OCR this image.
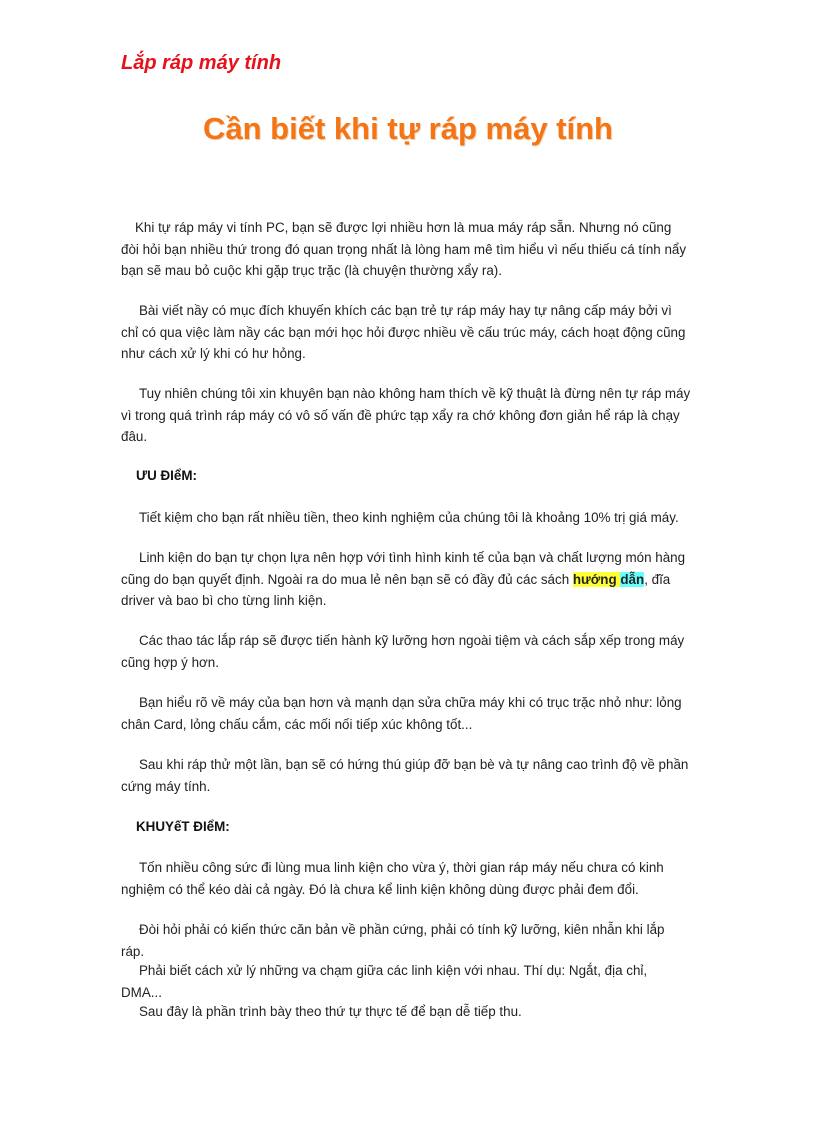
Lắp ráp máy tính
Cần biết khi tự ráp máy tính

Khi tự ráp máy vi tính PC, bạn sẽ được lợi nhiều hơn là mua máy ráp sẵn. Nhưng nó cũng đòi hỏi bạn nhiều thứ trong đó quan trọng nhất là lòng ham mê tìm hiểu vì nếu thiếu cá tính nẩy bạn sẽ mau bỏ cuộc khi gặp trục trặc (là chuyện thường xẩy ra).

Bài viết nầy có mục đích khuyến khích các bạn trẻ tự ráp máy hay tự nâng cấp máy bởi vì chỉ có qua việc làm nầy các bạn mới học hỏi được nhiều về cấu trúc máy, cách hoạt động cũng như cách xử lý khi có hư hỏng.

Tuy nhiên chúng tôi xin khuyên bạn nào không ham thích về kỹ thuật là đừng nên tự ráp máy vì trong quá trình ráp máy có vô số vấn đề phức tạp xẩy ra chớ không đơn giản hể ráp là chạy đâu.

ƯU ĐIểM:

Tiết kiệm cho bạn rất nhiều tiền, theo kinh nghiệm của chúng tôi là khoảng 10% trị giá máy.

Linh kiện do bạn tự chọn lựa nên hợp với tình hình kinh tế của bạn và chất lượng món hàng cũng do bạn quyết định. Ngoài ra do mua lẻ nên bạn sẽ có đầy đủ các sách hướng dẫn, đĩa driver và bao bì cho từng linh kiện.

Các thao tác lắp ráp sẽ được tiến hành kỹ lưỡng hơn ngoài tiệm và cách sắp xếp trong máy cũng hợp ý hơn.

Bạn hiểu rõ về máy của bạn hơn và mạnh dạn sửa chữa máy khi có trục trặc nhỏ như: lỏng chân Card, lỏng chấu cắm, các mối nối tiếp xúc không tốt...

Sau khi ráp thử một lần, bạn sẽ có hứng thú giúp đỡ bạn bè và tự nâng cao trình độ về phần cứng máy tính.

KHUYếT ĐIểM:

Tốn nhiều công sức đi lùng mua linh kiện cho vừa ý, thời gian ráp máy nếu chưa có kinh nghiệm có thể kéo dài cả ngày. Đó là chưa kể linh kiện không dùng được phải đem đổi.

Đòi hỏi phải có kiến thức căn bản về phần cứng, phải có tính kỹ lưỡng, kiên nhẫn khi lắp ráp.

Phải biết cách xử lý những va chạm giữa các linh kiện với nhau. Thí dụ: Ngắt, địa chỉ, DMA...

Sau đây là phần trình bày theo thứ tự thực tế để bạn dễ tiếp thu.
